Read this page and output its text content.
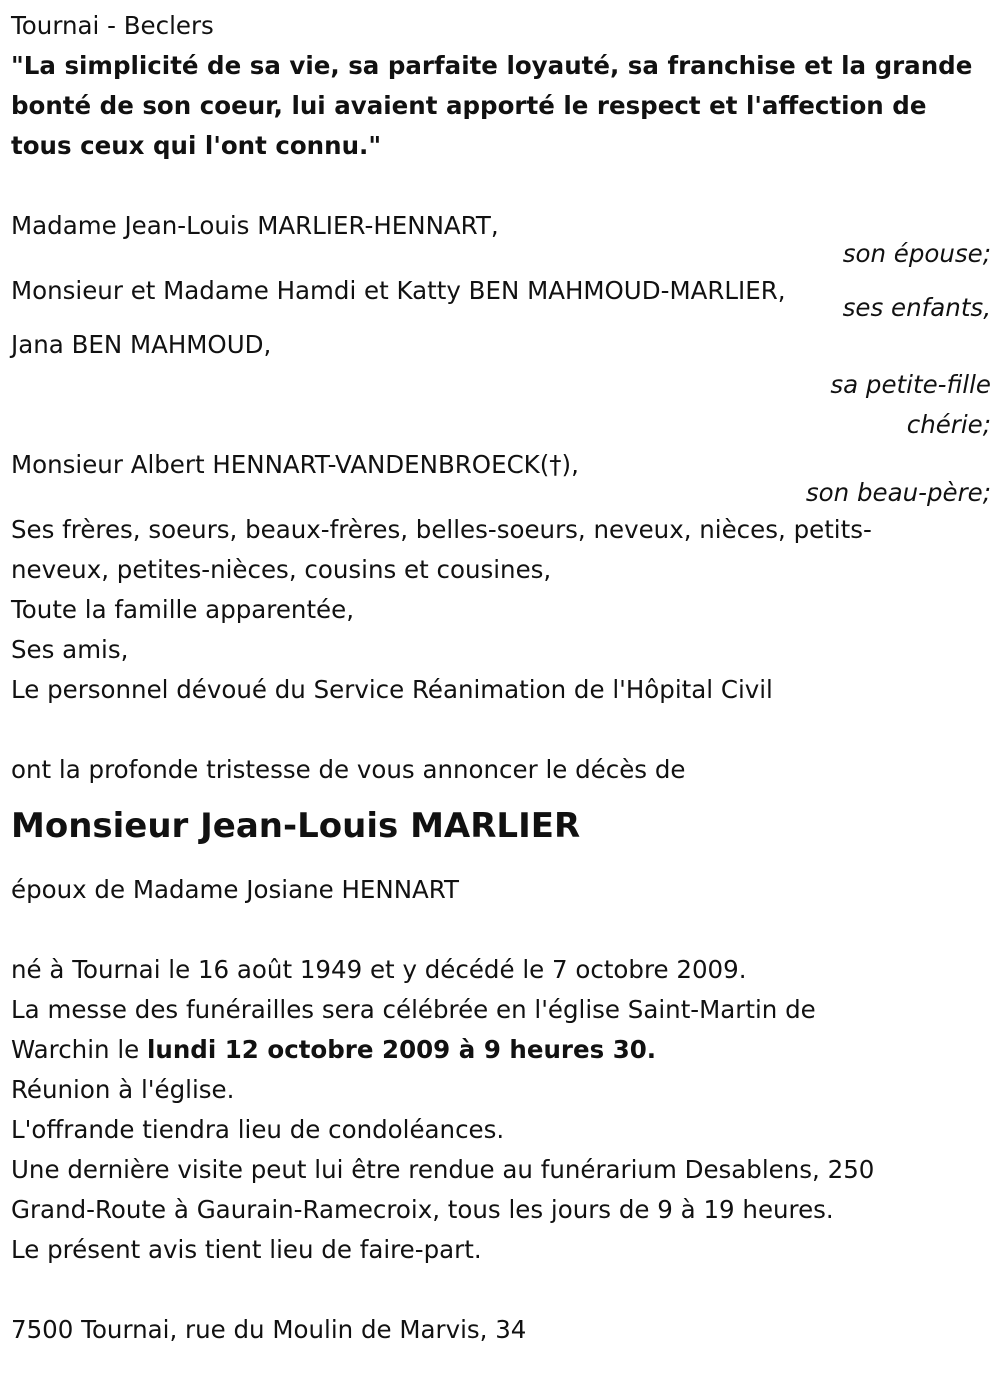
Tournai - Beclers
"La simplicité de sa vie, sa parfaite loyauté, sa franchise et la grande bonté de son coeur, lui avaient apporté le respect et l'affection de tous ceux qui l'ont connu."
Madame Jean-Louis MARLIER-HENNART,
son épouse;
Monsieur et Madame Hamdi et Katty BEN MAHMOUD-MARLIER,
ses enfants,
Jana BEN MAHMOUD,
sa petite-fille
chérie;
Monsieur Albert HENNART-VANDENBROECK(†),
son beau-père;
Ses frères, soeurs, beaux-frères, belles-soeurs, neveux, nièces, petits-
neveux, petites-nièces, cousins et cousines,
Toute la famille apparentée,
Ses amis,
Le personnel dévoué du Service Réanimation de l'Hôpital Civil
ont la profonde tristesse de vous annoncer le décès de
Monsieur Jean-Louis MARLIER
époux de Madame Josiane HENNART
né à Tournai le 16 août 1949 et y décédé le 7 octobre 2009.
La messe des funérailles sera célébrée en l'église Saint-Martin de
Warchin le lundi 12 octobre 2009 à 9 heures 30.
Réunion à l'église.
L'offrande tiendra lieu de condoléances.
Une dernière visite peut lui être rendue au funérarium Desablens, 250
Grand-Route à Gaurain-Ramecroix, tous les jours de 9 à 19 heures.
Le présent avis tient lieu de faire-part.
7500 Tournai, rue du Moulin de Marvis, 34
